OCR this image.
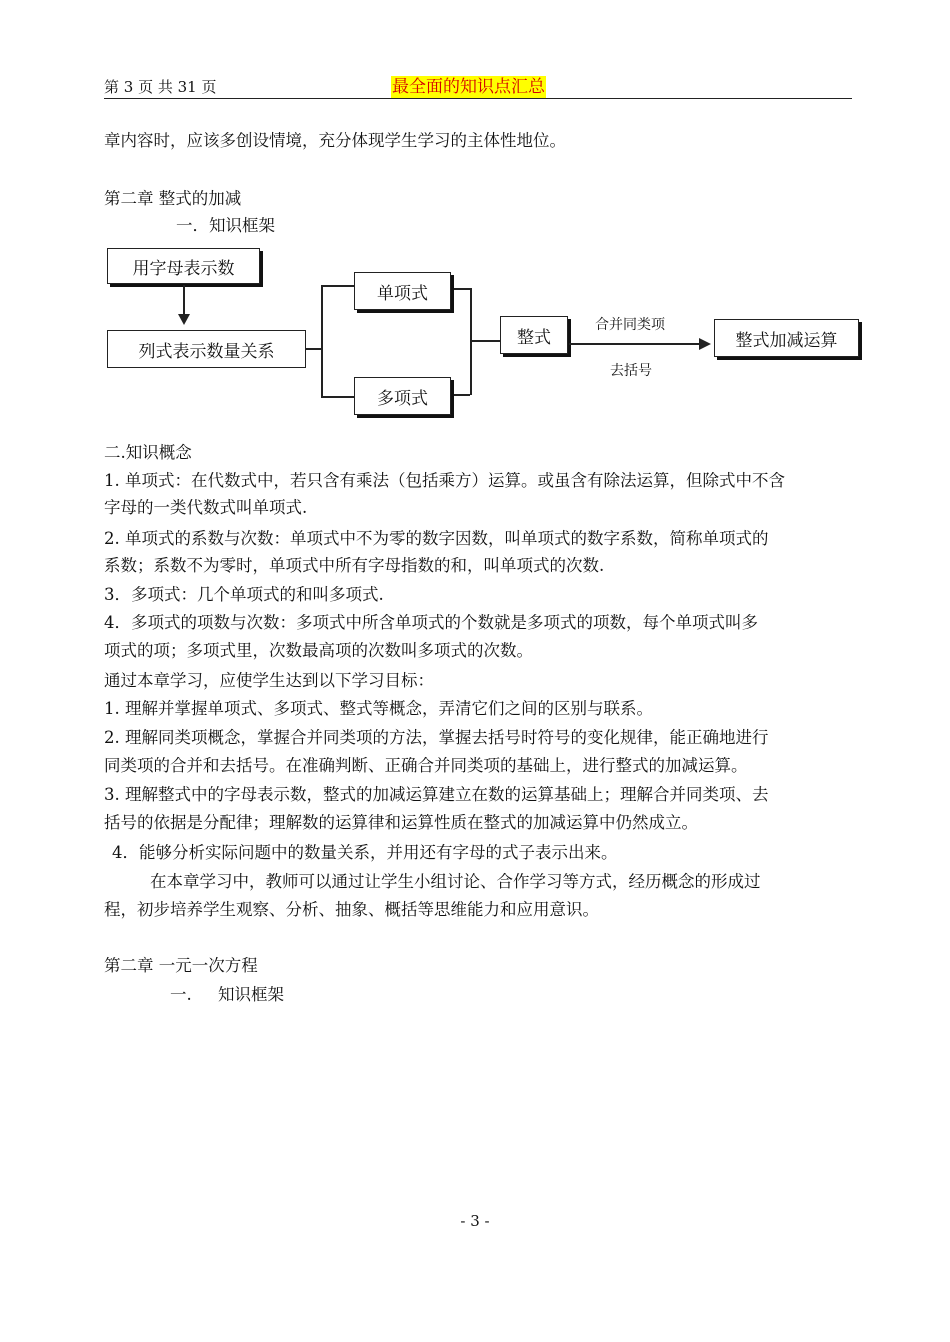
第 3 页 共 31 页	最全面的知识点汇总
章内容时，应该多创设情境，充分体现学生学习的主体性地位。
第二章 整式的加减
一．知识框架
用字母表示数
列式表示数量关系
单项式
多项式
整式
合并同类项
去括号
整式加减运算
二.知识概念
1. 单项式：在代数式中，若只含有乘法（包括乘方）运算。或虽含有除法运算，但除式中不含
字母的一类代数式叫单项式.
2. 单项式的系数与次数：单项式中不为零的数字因数，叫单项式的数字系数，简称单项式的
系数；系数不为零时，单项式中所有字母指数的和，叫单项式的次数.
3．多项式：几个单项式的和叫多项式.
4．多项式的项数与次数：多项式中所含单项式的个数就是多项式的项数，每个单项式叫多
项式的项；多项式里，次数最高项的次数叫多项式的次数。
通过本章学习，应使学生达到以下学习目标：
1. 理解并掌握单项式、多项式、整式等概念，弄清它们之间的区别与联系。
2. 理解同类项概念，掌握合并同类项的方法，掌握去括号时符号的变化规律，能正确地进行
同类项的合并和去括号。在准确判断、正确合并同类项的基础上，进行整式的加减运算。
3. 理解整式中的字母表示数，整式的加减运算建立在数的运算基础上；理解合并同类项、去
括号的依据是分配律；理解数的运算律和运算性质在整式的加减运算中仍然成立。
4．能够分析实际问题中的数量关系，并用还有字母的式子表示出来。
在本章学习中，教师可以通过让学生小组讨论、合作学习等方式，经历概念的形成过
程，初步培养学生观察、分析、抽象、概括等思维能力和应用意识。
第二章 一元一次方程
一. 知识框架
- 3 -
